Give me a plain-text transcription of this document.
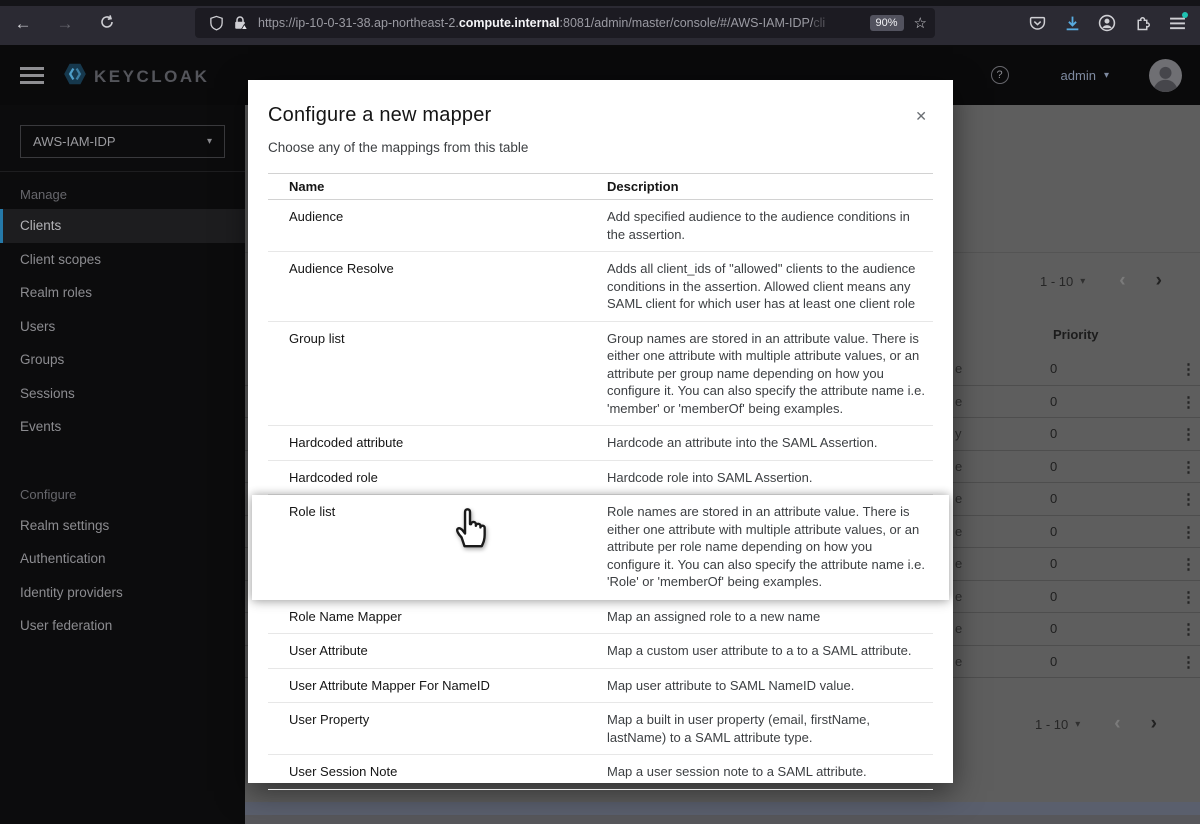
← →	https://ip-10-0-31-38.ap-northeast-2.compute.internal:8081/admin/master/console/#/AWS-IAM-IDP/cli	90%	☆
KEYCLOAK	?	admin ▾
AWS-IAM-IDP	▾
Manage
Clients
Client scopes
Realm roles
Users
Groups
Sessions
Events
Configure
Realm settings
Authentication
Identity providers
User federation
1 - 10 ▾ ‹ ›
Priority
e	0	⋮
e	0	⋮
y	0	⋮
e	0	⋮
e	0	⋮
e	0	⋮
e	0	⋮
e	0	⋮
e	0	⋮
e	0	⋮
1 - 10 ▾ ‹ ›
Configure a new mapper	✕
Choose any of the mappings from this table
Name	Description
Audience	Add specified audience to the audience conditions in the assertion.
Audience Resolve	Adds all client_ids of "allowed" clients to the audience conditions in the assertion. Allowed client means any SAML client for which user has at least one client role
Group list	Group names are stored in an attribute value. There is either one attribute with multiple attribute values, or an attribute per group name depending on how you configure it. You can also specify the attribute name i.e. 'member' or 'memberOf' being examples.
Hardcoded attribute	Hardcode an attribute into the SAML Assertion.
Hardcoded role	Hardcode role into SAML Assertion.
Role list	Role names are stored in an attribute value. There is either one attribute with multiple attribute values, or an attribute per role name depending on how you configure it. You can also specify the attribute name i.e. 'Role' or 'memberOf' being examples.
Role Name Mapper	Map an assigned role to a new name
User Attribute	Map a custom user attribute to a to a SAML attribute.
User Attribute Mapper For NameID	Map user attribute to SAML NameID value.
User Property	Map a built in user property (email, firstName, lastName) to a SAML attribute type.
User Session Note	Map a user session note to a SAML attribute.
